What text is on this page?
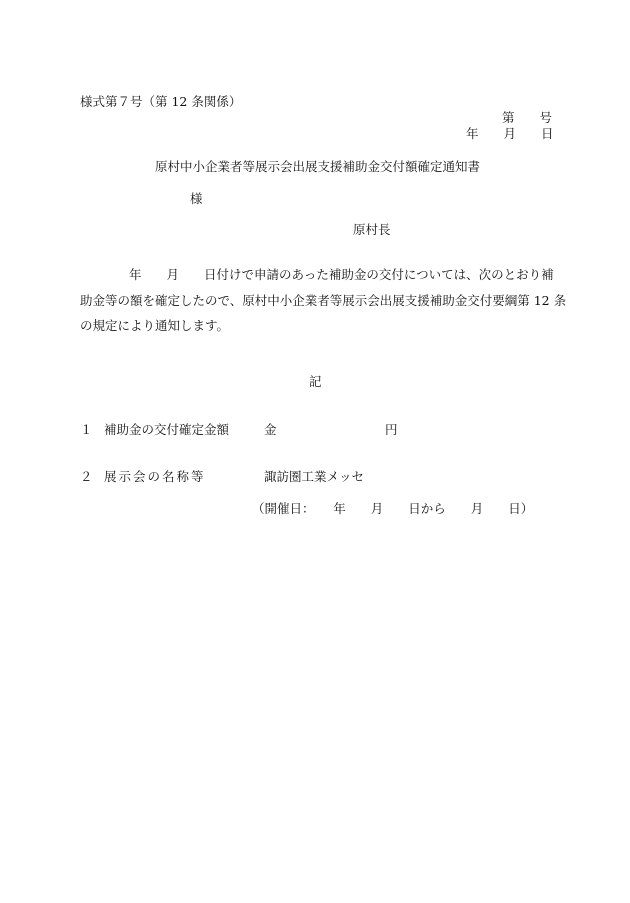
様式第７号（第 12 条関係）
第　　号
年　　月　　日
原村中小企業者等展示会出展支援補助金交付額確定通知書
様
原村長
年　　月　　日付けで申請のあった補助金の交付については、次のとおり補
助金等の額を確定したので、原村中小企業者等展示会出展支援補助金交付要綱第 12 条
の規定により通知します。
記
１ 補助金の交付確定金額	金	円
２ 展示会の名称等	諏訪圏工業メッセ
（開催日：　　年　　月　　日から　　月　　日）
